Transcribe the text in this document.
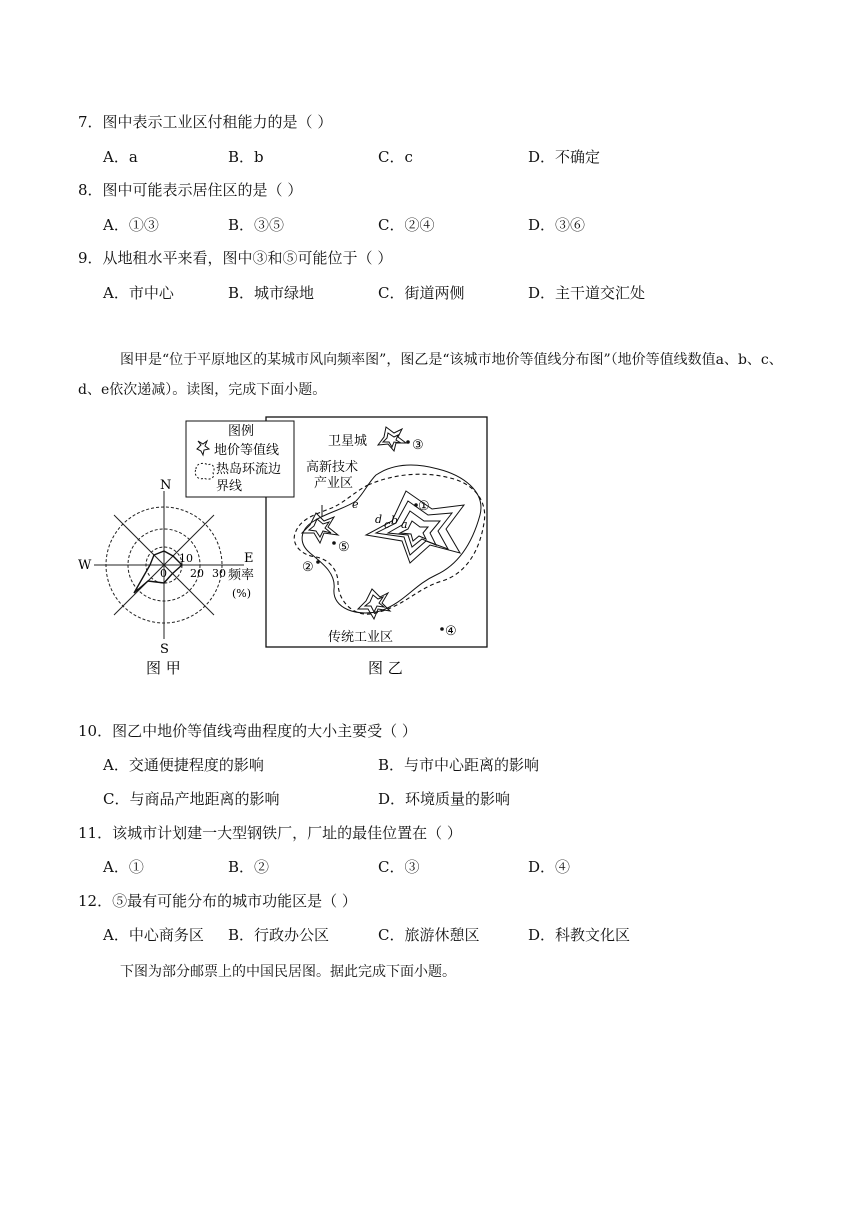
7．图中表示工业区付租能力的是（ ）
A．a	B．b	C．c	D．不确定
8．图中可能表示居住区的是（ ）
A．①③	B．③⑤	C．②④	D．③⑥
9．从地租水平来看，图中③和⑤可能位于（ ）
A．市中心	B．城市绿地	C．街道两侧	D．主干道交汇处
图甲是“位于平原地区的某城市风向频率图”，图乙是“该城市地价等值线分布图”（地价等值线数值a、b、c、d、e依次递减）。读图，完成下面小题。
N
S
W	E
0
10
20 30 频率
(%)
图 甲
图例
地价等值线
热岛环流边
界线
a
b
c
d
e
卫星城
高新技术
产业区
传统工业区
③
①
⑤
②
④
图 乙
10．图乙中地价等值线弯曲程度的大小主要受（ ）
A．交通便捷程度的影响	B．与市中心距离的影响
C．与商品产地距离的影响	D．环境质量的影响
11．该城市计划建一大型钢铁厂，厂址的最佳位置在（ ）
A．①	B．②	C．③	D．④
12．⑤最有可能分布的城市功能区是（ ）
A．中心商务区 B．行政办公区	C．旅游休憩区	D．科教文化区
下图为部分邮票上的中国民居图。据此完成下面小题。
